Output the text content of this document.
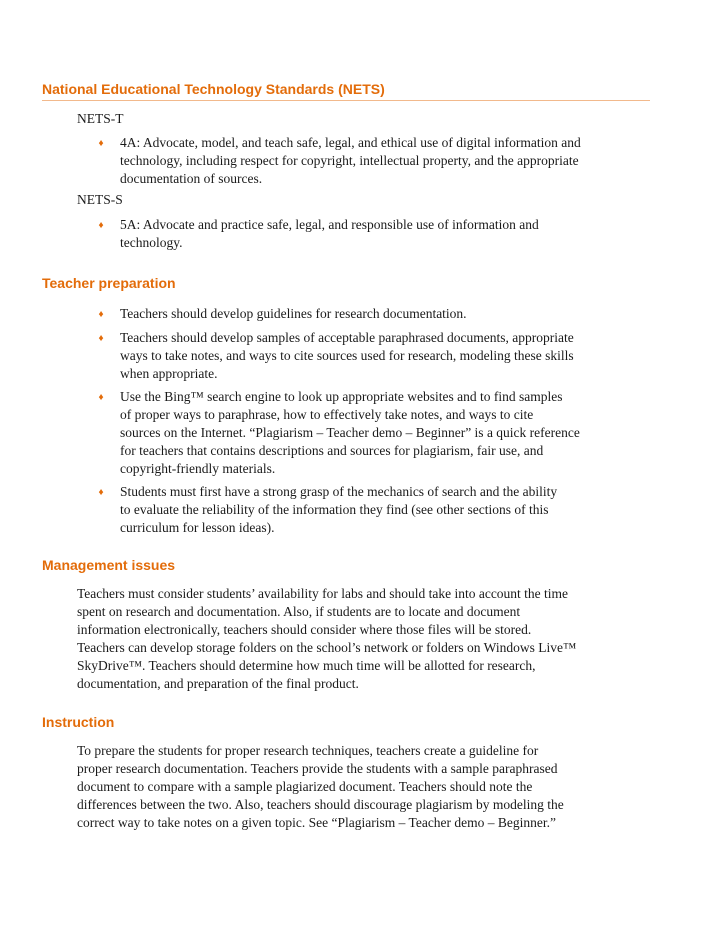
National Educational Technology Standards (NETS)
NETS-T
♦ 4A: Advocate, model, and teach safe, legal, and ethical use of digital information and
technology, including respect for copyright, intellectual property, and the appropriate
documentation of sources.
NETS-S
♦ 5A: Advocate and practice safe, legal, and responsible use of information and
technology.
Teacher preparation
♦ Teachers should develop guidelines for research documentation.
♦ Teachers should develop samples of acceptable paraphrased documents, appropriate
ways to take notes, and ways to cite sources used for research, modeling these skills
when appropriate.
♦ Use the Bing™ search engine to look up appropriate websites and to find samples
of proper ways to paraphrase, how to effectively take notes, and ways to cite
sources on the Internet. “Plagiarism – Teacher demo – Beginner” is a quick reference
for teachers that contains descriptions and sources for plagiarism, fair use, and
copyright-friendly materials.
♦ Students must first have a strong grasp of the mechanics of search and the ability
to evaluate the reliability of the information they find (see other sections of this
curriculum for lesson ideas).
Management issues
Teachers must consider students’ availability for labs and should take into account the time
spent on research and documentation. Also, if students are to locate and document
information electronically, teachers should consider where those files will be stored.
Teachers can develop storage folders on the school’s network or folders on Windows Live™
SkyDrive™. Teachers should determine how much time will be allotted for research,
documentation, and preparation of the final product.
Instruction
To prepare the students for proper research techniques, teachers create a guideline for
proper research documentation. Teachers provide the students with a sample paraphrased
document to compare with a sample plagiarized document. Teachers should note the
differences between the two. Also, teachers should discourage plagiarism by modeling the
correct way to take notes on a given topic. See “Plagiarism – Teacher demo – Beginner.”
